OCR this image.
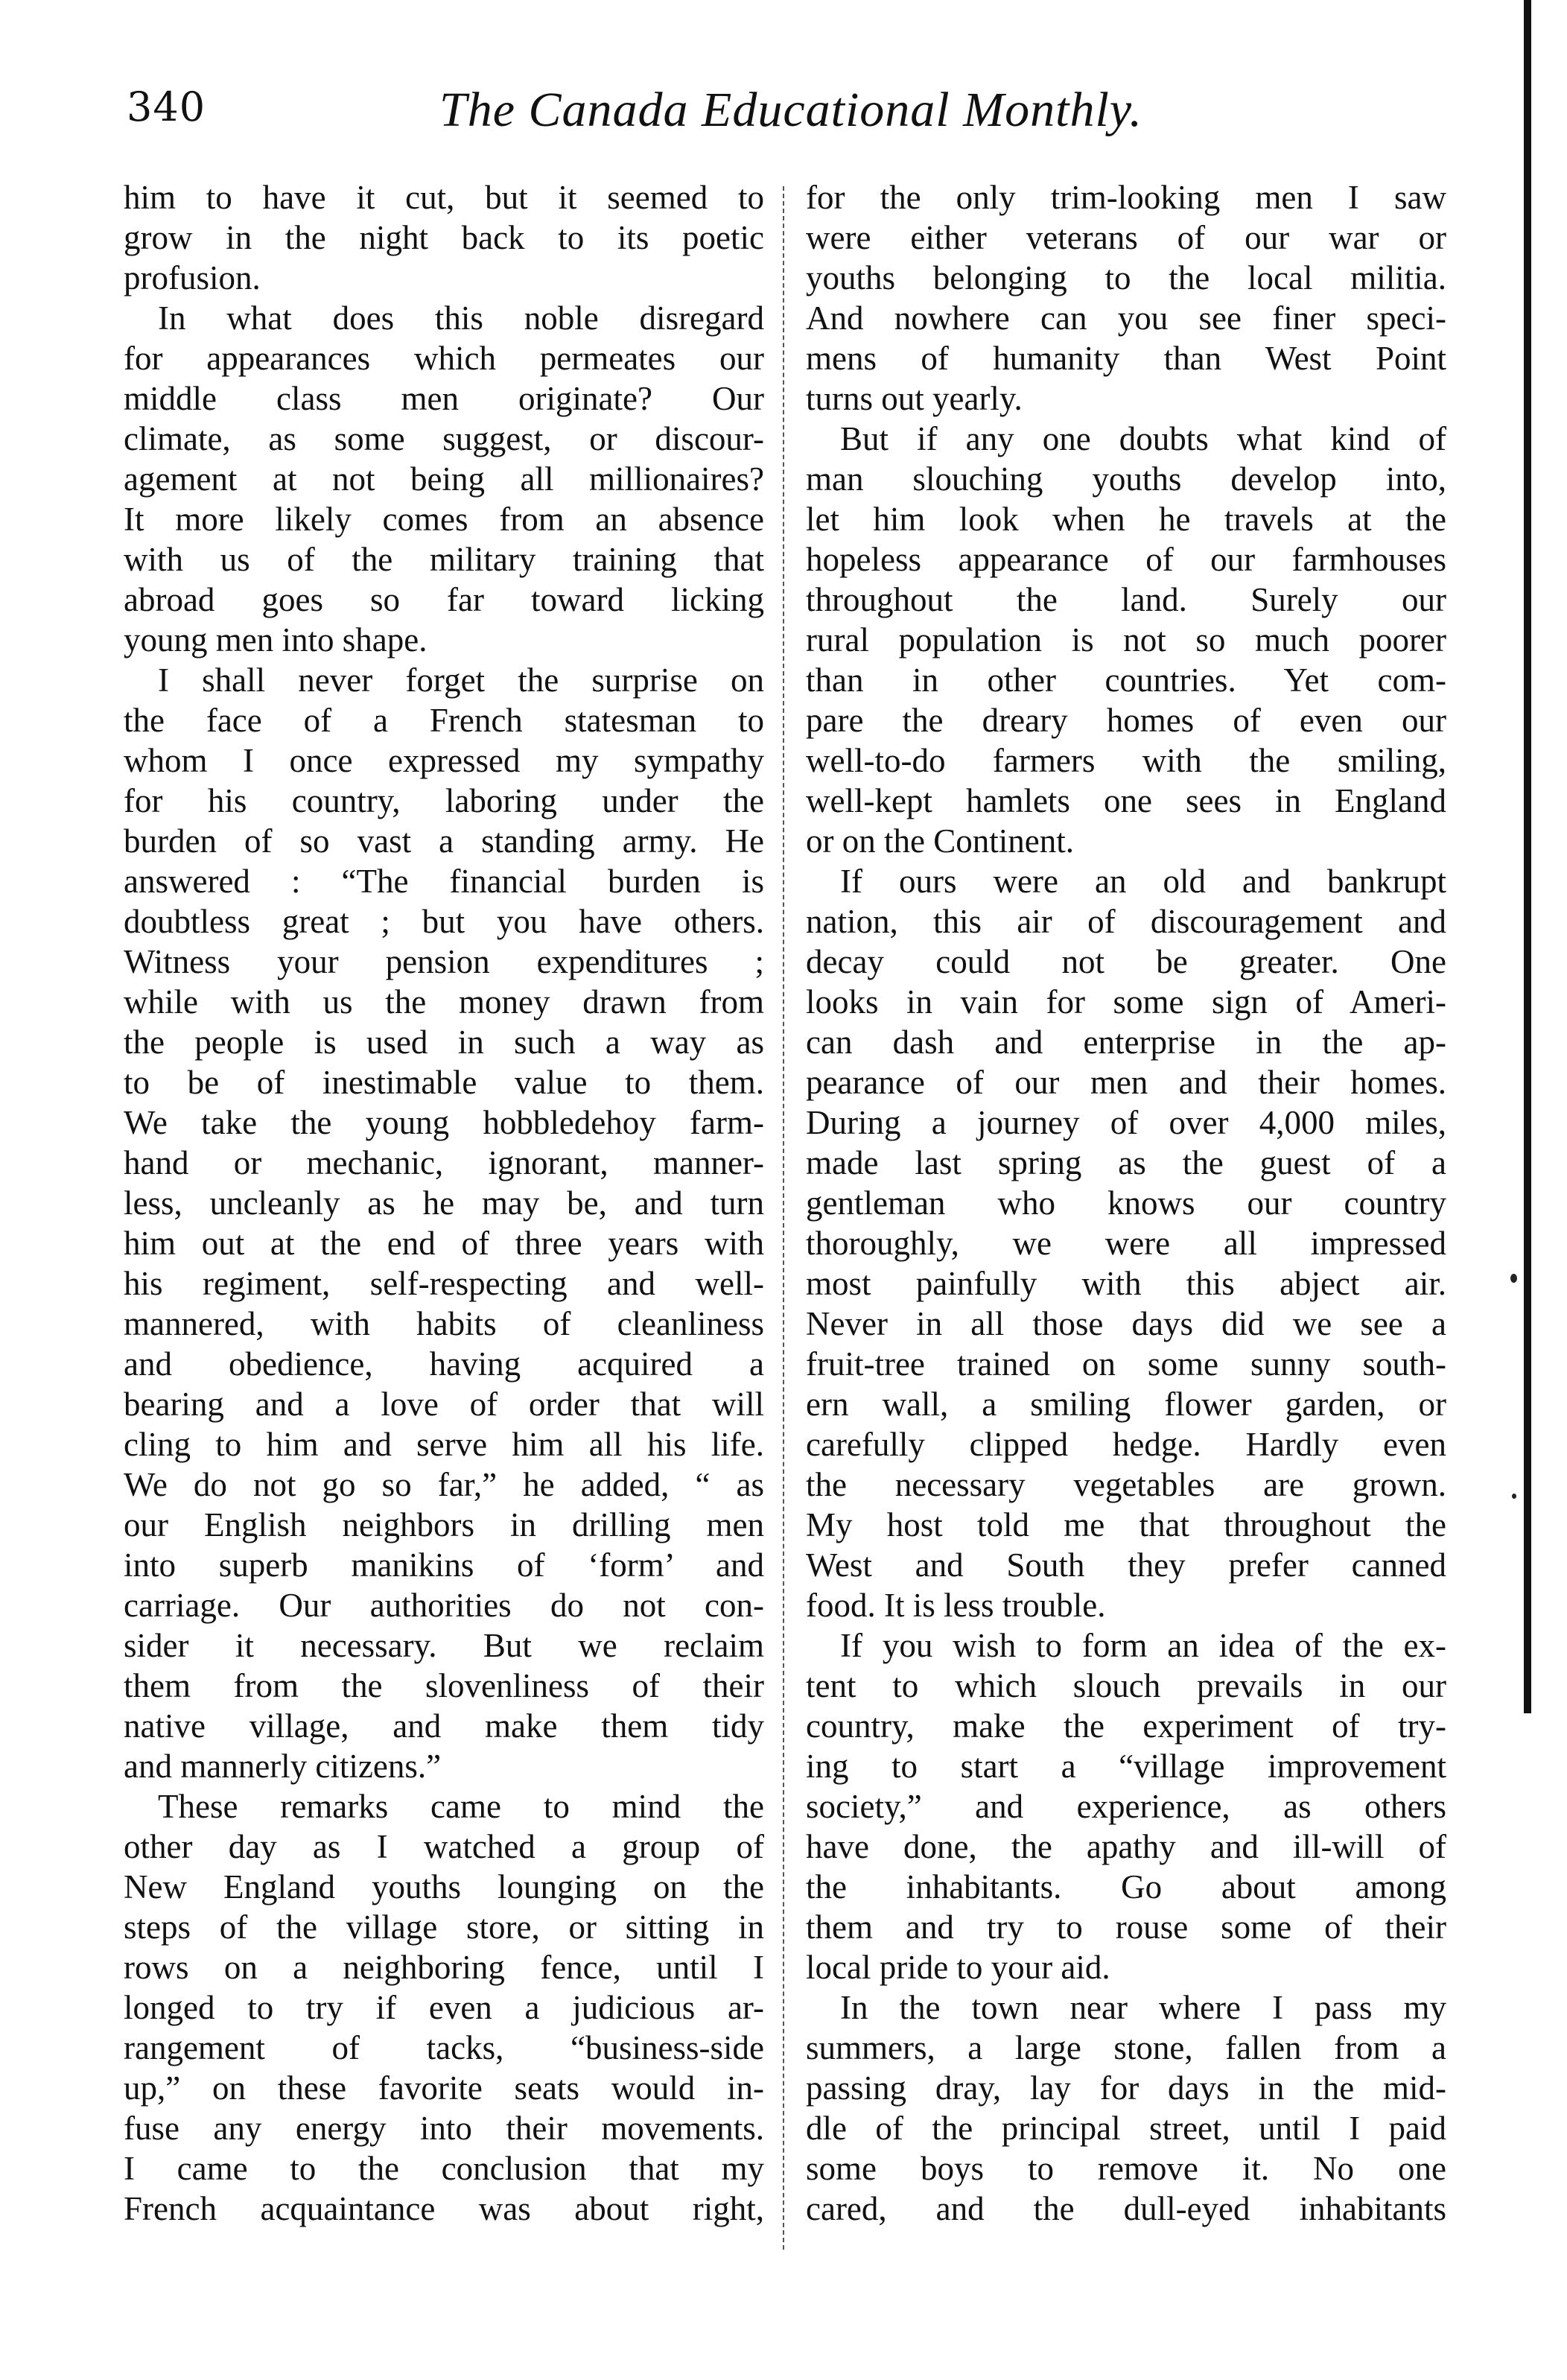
340	The Canada Educational Monthly.
him to have it cut, but it seemed to
grow in the night back to its poetic
profusion.
In what does this noble disregard
for appearances which permeates our
middle class men originate? Our
climate, as some suggest, or discour-
agement at not being all millionaires?
It more likely comes from an absence
with us of the military training that
abroad goes so far toward licking
young men into shape.
I shall never forget the surprise on
the face of a French statesman to
whom I once expressed my sympathy
for his country, laboring under the
burden of so vast a standing army. He
answered : “The financial burden is
doubtless great ; but you have others.
Witness your pension expenditures ;
while with us the money drawn from
the people is used in such a way as
to be of inestimable value to them.
We take the young hobbledehoy farm-
hand or mechanic, ignorant, manner-
less, uncleanly as he may be, and turn
him out at the end of three years with
his regiment, self-respecting and well-
mannered, with habits of cleanliness
and obedience, having acquired a
bearing and a love of order that will
cling to him and serve him all his life.
We do not go so far,” he added, “ as
our English neighbors in drilling men
into superb manikins of ‘form’ and
carriage. Our authorities do not con-
sider it necessary. But we reclaim
them from the slovenliness of their
native village, and make them tidy
and mannerly citizens.”
These remarks came to mind the
other day as I watched a group of
New England youths lounging on the
steps of the village store, or sitting in
rows on a neighboring fence, until I
longed to try if even a judicious ar-
rangement of tacks, “business-side
up,” on these favorite seats would in-
fuse any energy into their movements.
I came to the conclusion that my
French acquaintance was about right,
for the only trim-looking men I saw
were either veterans of our war or
youths belonging to the local militia.
And nowhere can you see finer speci-
mens of humanity than West Point
turns out yearly.
But if any one doubts what kind of
man slouching youths develop into,
let him look when he travels at the
hopeless appearance of our farmhouses
throughout the land. Surely our
rural population is not so much poorer
than in other countries. Yet com-
pare the dreary homes of even our
well-to-do farmers with the smiling,
well-kept hamlets one sees in England
or on the Continent.
If ours were an old and bankrupt
nation, this air of discouragement and
decay could not be greater. One
looks in vain for some sign of Ameri-
can dash and enterprise in the ap-
pearance of our men and their homes.
During a journey of over 4,000 miles,
made last spring as the guest of a
gentleman who knows our country
thoroughly, we were all impressed
most painfully with this abject air.
Never in all those days did we see a
fruit-tree trained on some sunny south-
ern wall, a smiling flower garden, or
carefully clipped hedge. Hardly even
the necessary vegetables are grown.
My host told me that throughout the
West and South they prefer canned
food. It is less trouble.
If you wish to form an idea of the ex-
tent to which slouch prevails in our
country, make the experiment of try-
ing to start a “village improvement
society,” and experience, as others
have done, the apathy and ill-will of
the inhabitants. Go about among
them and try to rouse some of their
local pride to your aid.
In the town near where I pass my
summers, a large stone, fallen from a
passing dray, lay for days in the mid-
dle of the principal street, until I paid
some boys to remove it. No one
cared, and the dull-eyed inhabitants
